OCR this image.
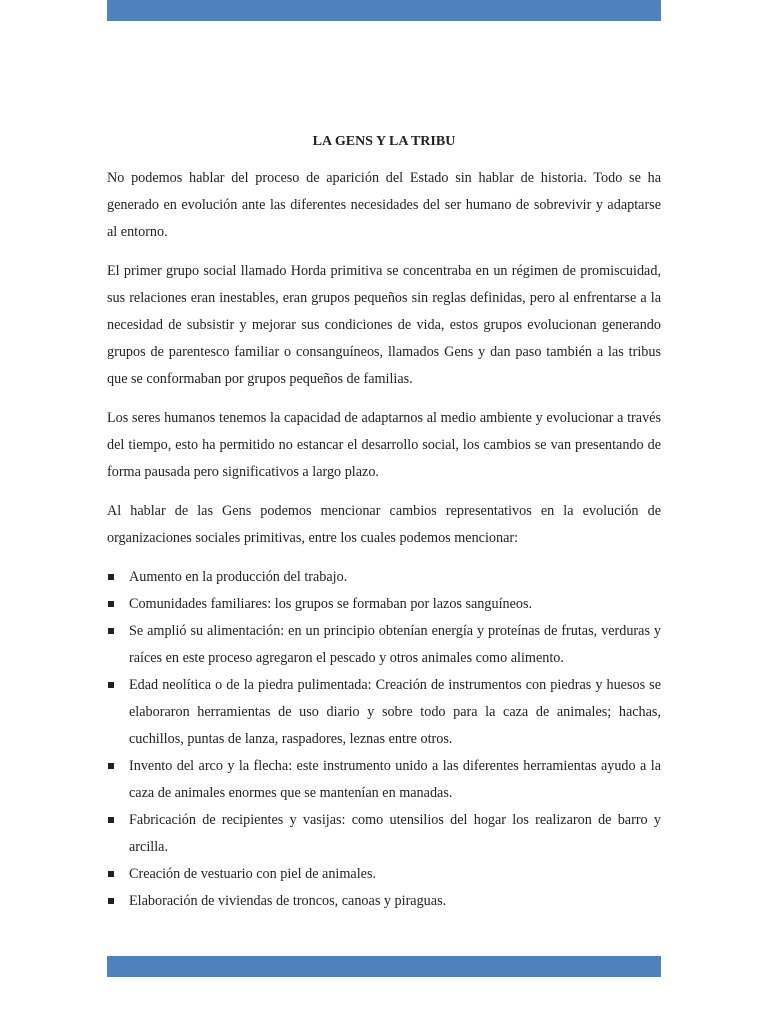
LA GENS Y LA TRIBU

No podemos hablar del proceso de aparición del Estado sin hablar de historia. Todo se ha generado en evolución ante las diferentes necesidades del ser humano de sobrevivir y adaptarse al entorno.

El primer grupo social llamado Horda primitiva se concentraba en un régimen de promiscuidad, sus relaciones eran inestables, eran grupos pequeños sin reglas definidas, pero al enfrentarse a la necesidad de subsistir y mejorar sus condiciones de vida, estos grupos evolucionan generando grupos de parentesco familiar o consanguíneos, llamados Gens y dan paso también a las tribus que se conformaban por grupos pequeños de familias.

Los seres humanos tenemos la capacidad de adaptarnos al medio ambiente y evolucionar a través del tiempo, esto ha permitido no estancar el desarrollo social, los cambios se van presentando de forma pausada pero significativos a largo plazo.

Al hablar de las Gens podemos mencionar cambios representativos en la evolución de organizaciones sociales primitivas, entre los cuales podemos mencionar:

Aumento en la producción del trabajo.
Comunidades familiares: los grupos se formaban por lazos sanguíneos.
Se amplió su alimentación: en un principio obtenían energía y proteínas de frutas, verduras y raíces en este proceso agregaron el pescado y otros animales como alimento.
Edad neolítica o de la piedra pulimentada: Creación de instrumentos con piedras y huesos se elaboraron herramientas de uso diario y sobre todo para la caza de animales; hachas, cuchillos, puntas de lanza, raspadores, leznas entre otros.
Invento del arco y la flecha: este instrumento unido a las diferentes herramientas ayudo a la caza de animales enormes que se mantenían en manadas.
Fabricación de recipientes y vasijas: como utensilios del hogar los realizaron de barro y arcilla.
Creación de vestuario con piel de animales.
Elaboración de viviendas de troncos, canoas y piraguas.
